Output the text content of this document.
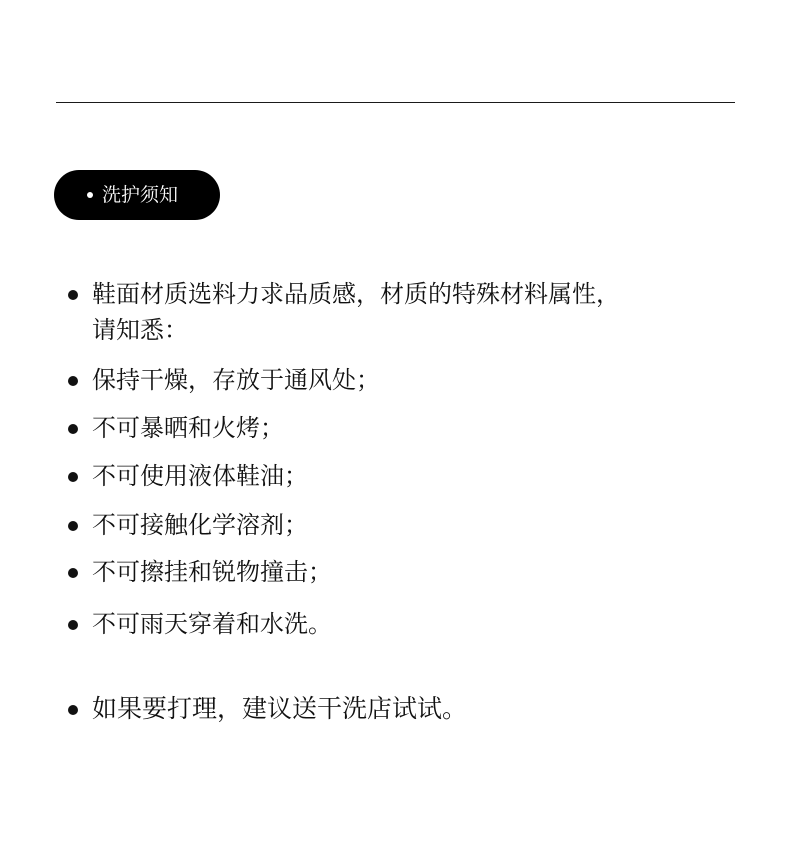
洗护须知
鞋面材质选料力求品质感，材质的特殊材料属性，
请知悉：
保持干燥，存放于通风处；
不可暴晒和火烤；
不可使用液体鞋油；
不可接触化学溶剂；
不可擦挂和锐物撞击；
不可雨天穿着和水洗。
如果要打理，建议送干洗店试试。
